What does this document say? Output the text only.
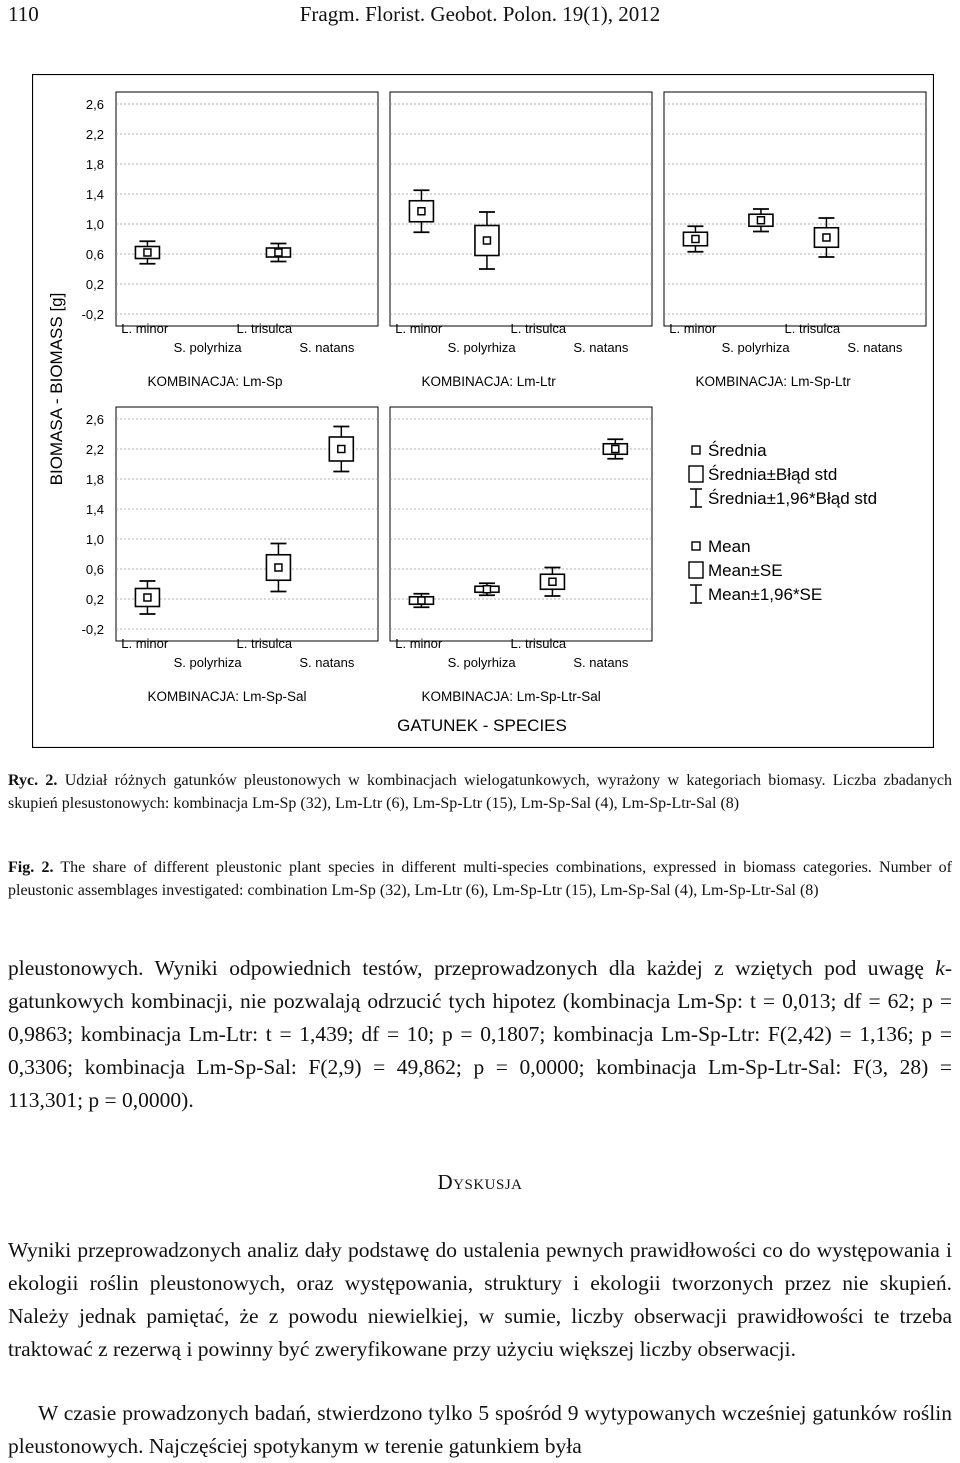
110	Fragm. Florist. Geobot. Polon. 19(1), 2012
2,6
2,2
1,8
1,4
1,0
0,6
0,2
-0,2
2,6
2,2
1,8
1,4
1,0
0,6
0,2
-0,2
L. minor	L. trisulca
S. polyrhiza	S. natans
KOMBINACJA: Lm-Sp
L. minor	L. trisulca
S. polyrhiza	S. natans
KOMBINACJA: Lm-Ltr
L. minor	L. trisulca
S. polyrhiza	S. natans
KOMBINACJA: Lm-Sp-Ltr
L. minor	L. trisulca
S. polyrhiza	S. natans
KOMBINACJA: Lm-Sp-Sal
L. minor	L. trisulca
S. polyrhiza	S. natans
KOMBINACJA: Lm-Sp-Ltr-Sal
Średnia
Średnia±Błąd std
Średnia±1,96*Błąd std
Mean
Mean±SE
Mean±1,96*SE
BIOMASA - BIOMASS [g]
GATUNEK - SPECIES
Ryc. 2. Udział różnych gatunków pleustonowych w kombinacjach wielogatunkowych, wyrażony w kategoriach biomasy. Liczba zbadanych skupień plesustonowych: kombinacja Lm-Sp (32), Lm-Ltr (6), Lm-Sp-Ltr (15), Lm-Sp-Sal (4), Lm-Sp-Ltr-Sal (8)
Fig. 2. The share of different pleustonic plant species in different multi-species combinations, expressed in biomass categories. Number of pleustonic assemblages investigated: combination Lm-Sp (32), Lm-Ltr (6), Lm-Sp-Ltr (15), Lm-Sp-Sal (4), Lm-Sp-Ltr-Sal (8)
pleustonowych. Wyniki odpowiednich testów, przeprowadzonych dla każdej z wziętych pod uwagę k-gatunkowych kombinacji, nie pozwalają odrzucić tych hipotez (kombinacja Lm-Sp: t = 0,013; df = 62; p = 0,9863; kombinacja Lm-Ltr: t = 1,439; df = 10; p = 0,1807; kombinacja Lm-Sp-Ltr: F(2,42) = 1,136; p = 0,3306; kombinacja Lm-Sp-Sal: F(2,9) = 49,862; p = 0,0000; kombinacja Lm-Sp-Ltr-Sal: F(3, 28) = 113,301; p = 0,0000).
Dyskusja
Wyniki przeprowadzonych analiz dały podstawę do ustalenia pewnych prawidłowości co do występowania i ekologii roślin pleustonowych, oraz występowania, struktury i ekologii tworzonych przez nie skupień. Należy jednak pamiętać, że z powodu niewielkiej, w sumie, liczby obserwacji prawidłowości te trzeba traktować z rezerwą i powinny być zweryfikowane przy użyciu większej liczby obserwacji.
W czasie prowadzonych badań, stwierdzono tylko 5 spośród 9 wytypowanych wcześniej gatunków roślin pleustonowych. Najczęściej spotykanym w terenie gatunkiem była
